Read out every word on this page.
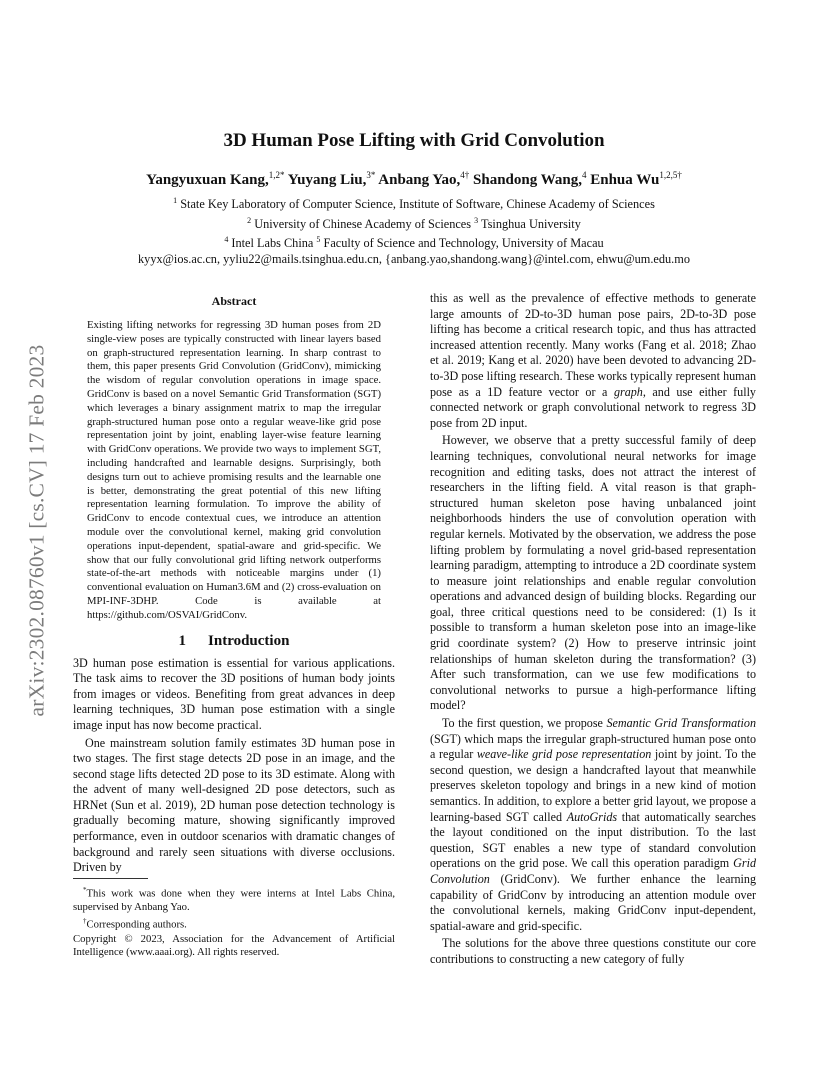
arXiv:2302.08760v1 [cs.CV] 17 Feb 2023
3D Human Pose Lifting with Grid Convolution
Yangyuxuan Kang,$^{1,2*}$ Yuyang Liu,$^{3*}$ Anbang Yao,$^{4\dagger}$ Shandong Wang,$^4$ Enhua $Wu^{1,2,5\dagger}$
$^1$ State Key Laboratory of Computer Science, Institute of Software, Chinese Academy of Sciences
$^2$ University of Chinese Academy of Sciences $^3$ Tsinghua University
$^4$ Intel Labs China $^5$ Faculty of Science and Technology, University of Macau
kyyx@ios.ac.cn, yyliu22@mails.tsinghua.edu.cn, {anbang.yao,shandong.wang}@intel.com, ehwu@um.edu.mo
Abstract

Existing lifting networks for regressing 3D human poses from 2D single-view poses are typically constructed with linear layers based on graph-structured representation learning. In sharp contrast to them, this paper presents Grid Convolution (GridConv), mimicking the wisdom of regular convolution operations in image space. GridConv is based on a novel Semantic Grid Transformation (SGT) which leverages a binary assignment matrix to map the irregular graph-structured human pose onto a regular weave-like grid pose representation joint by joint, enabling layer-wise feature learning with GridConv operations. We provide two ways to implement SGT, including handcrafted and learnable designs. Surprisingly, both designs turn out to achieve promising results and the learnable one is better, demonstrating the great potential of this new lifting representation learning formulation. To improve the ability of GridConv to encode contextual cues, we introduce an attention module over the convolutional kernel, making grid convolution operations input-dependent, spatial-aware and grid-specific. We show that our fully convolutional grid lifting network outperforms state-of-the-art methods with noticeable margins under (1) conventional evaluation on Human3.6M and (2) cross-evaluation on MPI-INF-3DHP. Code is available at https://github.com/OSVAI/GridConv.

1 Introduction

3D human pose estimation is essential for various applications. The task aims to recover the 3D positions of human body joints from images or videos. Benefiting from great advances in deep learning techniques, 3D human pose estimation with a single image input has now become practical.

One mainstream solution family estimates 3D human pose in two stages. The first stage detects 2D pose in an image, and the second stage lifts detected 2D pose to its 3D estimate. Along with the advent of many well-designed 2D pose detectors, such as HRNet (Sun et al. 2019), 2D human pose detection technology is gradually becoming mature, showing significantly improved performance, even in outdoor scenarios with dramatic changes of background and rarely seen situations with diverse occlusions. Driven by

this as well as the prevalence of effective methods to generate large amounts of 2D-to-3D human pose pairs, 2D-to-3D pose lifting has become a critical research topic, and thus has attracted increased attention recently. Many works (Fang et al. 2018; Zhao et al. 2019; Kang et al. 2020) have been devoted to advancing 2D-to-3D pose lifting research. These works typically represent human pose as a 1D feature vector or a graph, and use either fully connected network or graph convolutional network to regress 3D pose from 2D input.

However, we observe that a pretty successful family of deep learning techniques, convolutional neural networks for image recognition and editing tasks, does not attract the interest of researchers in the lifting field. A vital reason is that graph-structured human skeleton pose having unbalanced joint neighborhoods hinders the use of convolution operation with regular kernels. Motivated by the observation, we address the pose lifting problem by formulating a novel grid-based representation learning paradigm, attempting to introduce a 2D coordinate system to measure joint relationships and enable regular convolution operations and advanced design of building blocks. Regarding our goal, three critical questions need to be considered: (1) Is it possible to transform a human skeleton pose into an image-like grid coordinate system? (2) How to preserve intrinsic joint relationships of human skeleton during the transformation? (3) After such transformation, can we use few modifications to convolutional networks to pursue a high-performance lifting model?

To the first question, we propose Semantic Grid Transformation (SGT) which maps the irregular graph-structured human pose onto a regular weave-like grid pose representation joint by joint. To the second question, we design a handcrafted layout that meanwhile preserves skeleton topology and brings in a new kind of motion semantics. In addition, to explore a better grid layout, we propose a learning-based SGT called AutoGrids that automatically searches the layout conditioned on the input distribution. To the last question, SGT enables a new type of standard convolution operations on the grid pose. We call this operation paradigm Grid Convolution (GridConv). We further enhance the learning capability of GridConv by introducing an attention module over the convolutional kernels, making GridConv input-dependent, spatial-aware and grid-specific.

The solutions for the above three questions constitute our core contributions to constructing a new category of fully

*This work was done when they were interns at Intel Labs China, supervised by Anbang Yao.

†Corresponding authors.

Copyright © 2023, Association for the Advancement of Artificial Intelligence (www.aaai.org). All rights reserved.
